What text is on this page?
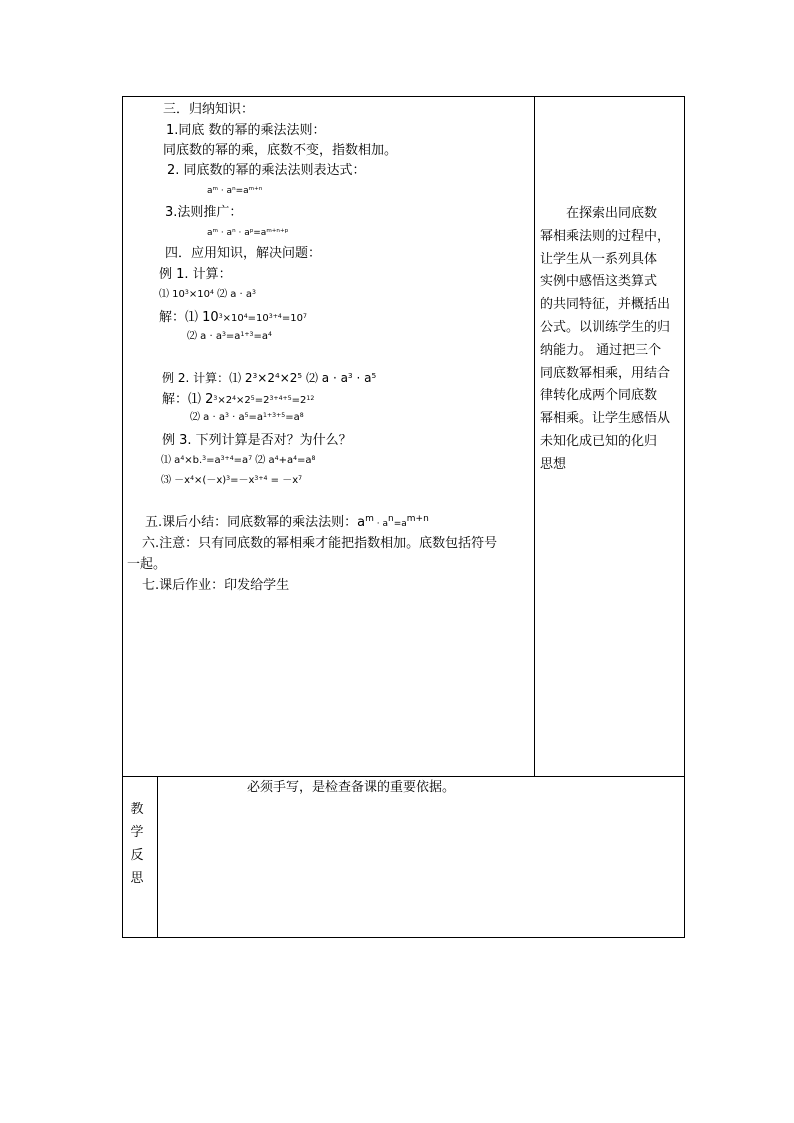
三．归纳知识：
1.同底 数的幂的乘法法则：
同底数的幂的乘，底数不变，指数相加。
2. 同底数的幂的乘法法则表达式：
$a^m \cdot a^n=a^{m+n}$
3.法则推广：
$a^m \cdot a^n \cdot a^p=a^{m+n+p}$
四．应用知识，解决问题：
例 1. 计算：
⑴ $10^3\times 10^4$ ⑵ $a \cdot a^3$
解：⑴ $10^3\times 10^4=10^{3+4}=10^7$
⑵ $a \cdot a^3=a^{1+3}=a^4$
例 2. 计算：⑴ $2^3\times 2^4\times 2^5$ ⑵ $a \cdot a^3 \cdot a^5$
解：⑴ $2^3\times 2^4\times 2^5=2^{3+4+5}=2^{12}$
⑵ $a \cdot a^3 \cdot a^5=a^{1+3+5}=a^8$
例 3. 下列计算是否对？为什么？
⑴ $a^4\times b.^3=a^{3+4}=a^7$ ⑵ $a^4+a^4=a^8$
⑶ $-x^4\times(-x)^3=-x^{3+4} = -x^7$
五.课后小结：同底数幂的乘法法则：$a^m \cdot a^n=a^{m+n}$
六.注意：只有同底数的幂相乘才能把指数相加。底数包括符号
一起。
七.课后作业：印发给学生

　　在探索出同底数

幂相乘法则的过程中，

让学生从一系列具体

实例中感悟这类算式

的共同特征，并概括出

公式。以训练学生的归

纳能力。 通过把三个

同底数幂相乘，用结合

律转化成两个同底数

幂相乘。让学生感悟从

未知化成已知的化归

思想

教
学
反
思
必须手写，是检查备课的重要依据。
